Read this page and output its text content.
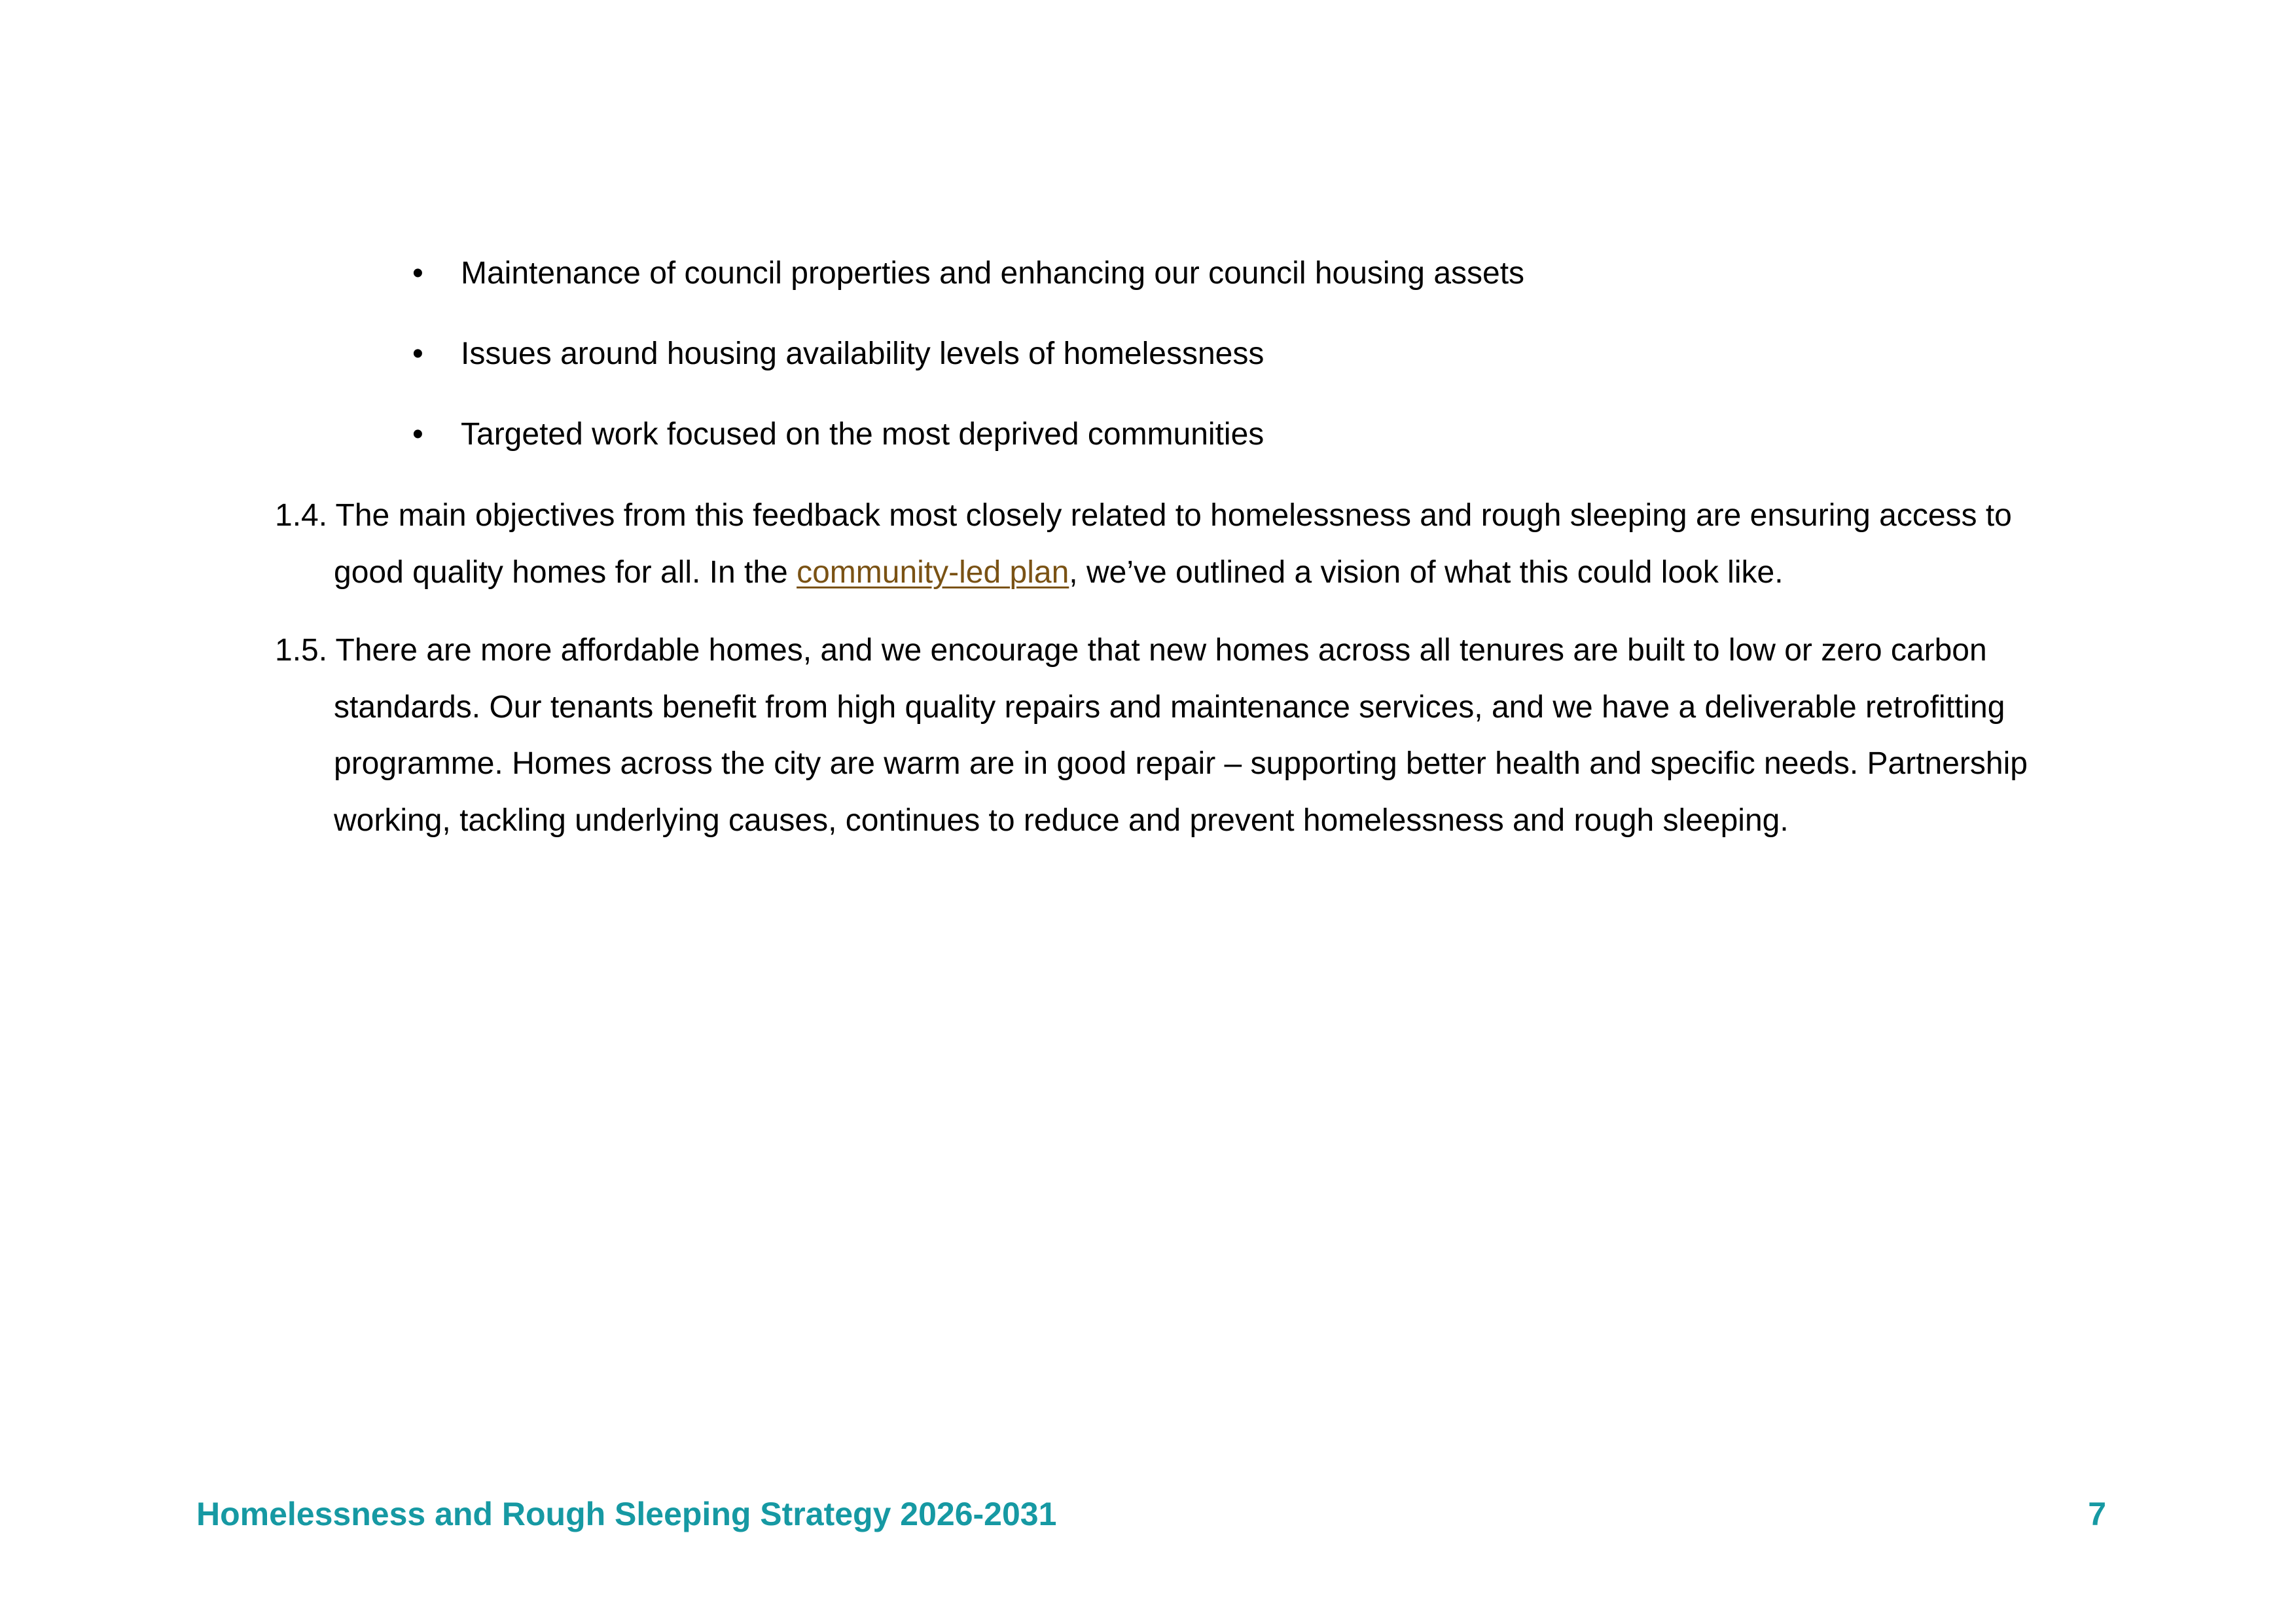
• Maintenance of council properties and enhancing our council housing assets
• Issues around housing availability levels of homelessness
• Targeted work focused on the most deprived communities

1.4. The main objectives from this feedback most closely related to homelessness and rough sleeping are ensuring access to
good quality homes for all. In the community-led plan, we’ve outlined a vision of what this could look like.

1.5. There are more affordable homes, and we encourage that new homes across all tenures are built to low or zero carbon
standards. Our tenants benefit from high quality repairs and maintenance services, and we have a deliverable retrofitting
programme. Homes across the city are warm are in good repair – supporting better health and specific needs. Partnership
working, tackling underlying causes, continues to reduce and prevent homelessness and rough sleeping.

Homelessness and Rough Sleeping Strategy 2026-2031	7
